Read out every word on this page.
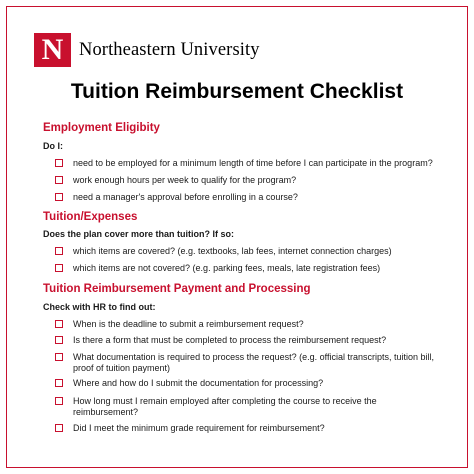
N Northeastern University
Tuition Reimbursement Checklist
Employment Eligibity
Do I:
need to be employed for a minimum length of time before I can participate in the program?
work enough hours per week to qualify for the program?
need a manager's approval before enrolling in a course?
Tuition/Expenses
Does the plan cover more than tuition? If so:
which items are covered? (e.g. textbooks, lab fees, internet connection charges)
which items are not covered? (e.g. parking fees, meals, late registration fees)
Tuition Reimbursement Payment and Processing
Check with HR to find out:
When is the deadline to submit a reimbursement request?
Is there a form that must be completed to process the reimbursement request?
What documentation is required to process the request? (e.g. official transcripts, tuition bill, proof of tuition payment)
Where and how do I submit the documentation for processing?
How long must I remain employed after completing the course to receive the reimbursement?
Did I meet the minimum grade requirement for reimbursement?
